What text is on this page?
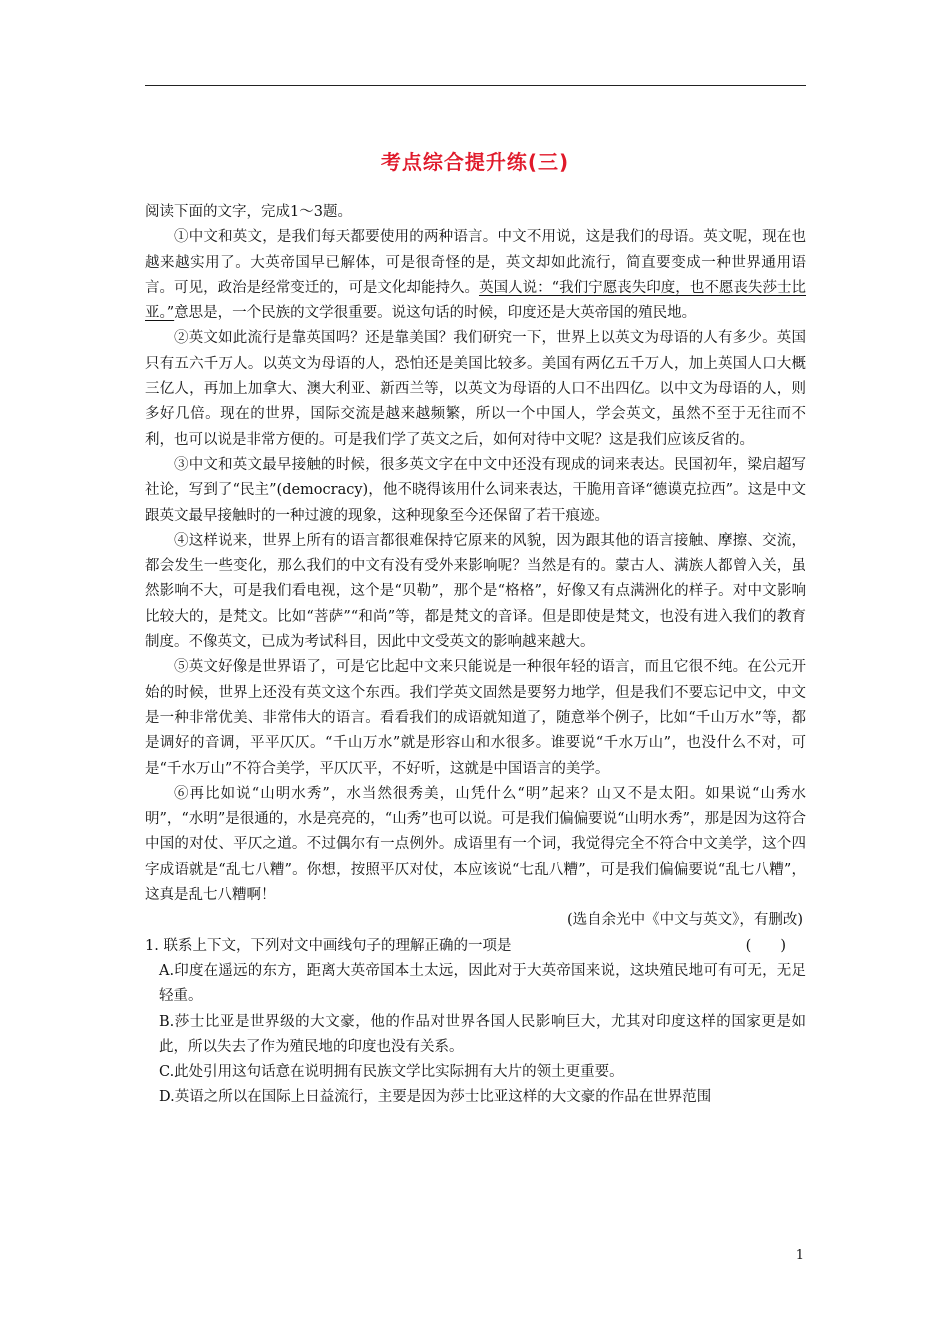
考点综合提升练(三)

阅读下面的文字，完成1～3题。

①中文和英文，是我们每天都要使用的两种语言。中文不用说，这是我们的母语。英文呢，现在也越来越实用了。大英帝国早已解体，可是很奇怪的是，英文却如此流行，简直要变成一种世界通用语言。可见，政治是经常变迁的，可是文化却能持久。英国人说：“我们宁愿丧失印度，也不愿丧失莎士比亚。”意思是，一个民族的文学很重要。说这句话的时候，印度还是大英帝国的殖民地。

②英文如此流行是靠英国吗？还是靠美国？我们研究一下，世界上以英文为母语的人有多少。英国只有五六千万人。以英文为母语的人，恐怕还是美国比较多。美国有两亿五千万人，加上英国人口大概三亿人，再加上加拿大、澳大利亚、新西兰等，以英文为母语的人口不出四亿。以中文为母语的人，则多好几倍。现在的世界，国际交流是越来越频繁，所以一个中国人，学会英文，虽然不至于无往而不利，也可以说是非常方便的。可是我们学了英文之后，如何对待中文呢？这是我们应该反省的。

③中文和英文最早接触的时候，很多英文字在中文中还没有现成的词来表达。民国初年，梁启超写社论，写到了“民主”(democracy)，他不晓得该用什么词来表达，干脆用音译“德谟克拉西”。这是中文跟英文最早接触时的一种过渡的现象，这种现象至今还保留了若干痕迹。

④这样说来，世界上所有的语言都很难保持它原来的风貌，因为跟其他的语言接触、摩擦、交流，都会发生一些变化，那么我们的中文有没有受外来影响呢？当然是有的。蒙古人、满族人都曾入关，虽然影响不大，可是我们看电视，这个是“贝勒”，那个是“格格”，好像又有点满洲化的样子。对中文影响比较大的，是梵文。比如“菩萨”“和尚”等，都是梵文的音译。但是即使是梵文，也没有进入我们的教育制度。不像英文，已成为考试科目，因此中文受英文的影响越来越大。

⑤英文好像是世界语了，可是它比起中文来只能说是一种很年轻的语言，而且它很不纯。在公元开始的时候，世界上还没有英文这个东西。我们学英文固然是要努力地学，但是我们不要忘记中文，中文是一种非常优美、非常伟大的语言。看看我们的成语就知道了，随意举个例子，比如“千山万水”等，都是调好的音调，平平仄仄。“千山万水”就是形容山和水很多。谁要说“千水万山”，也没什么不对，可是“千水万山”不符合美学，平仄仄平，不好听，这就是中国语言的美学。

⑥再比如说“山明水秀”，水当然很秀美，山凭什么“明”起来？山又不是太阳。如果说“山秀水明”，“水明”是很通的，水是亮亮的，“山秀”也可以说。可是我们偏偏要说“山明水秀”，那是因为这符合中国的对仗、平仄之道。不过偶尔有一点例外。成语里有一个词，我觉得完全不符合中文美学，这个四字成语就是“乱七八糟”。你想，按照平仄对仗，本应该说“七乱八糟”，可是我们偏偏要说“乱七八糟”，这真是乱七八糟啊！

(选自余光中《中文与英文》，有删改)

1. 联系上下文，下列对文中画线句子的理解正确的一项是	(　　)

A.印度在遥远的东方，距离大英帝国本土太远，因此对于大英帝国来说，这块殖民地可有可无，无足轻重。

B.莎士比亚是世界级的大文豪，他的作品对世界各国人民影响巨大，尤其对印度这样的国家更是如此，所以失去了作为殖民地的印度也没有关系。

C.此处引用这句话意在说明拥有民族文学比实际拥有大片的领土更重要。

D.英语之所以在国际上日益流行，主要是因为莎士比亚这样的大文豪的作品在世界范围

1
